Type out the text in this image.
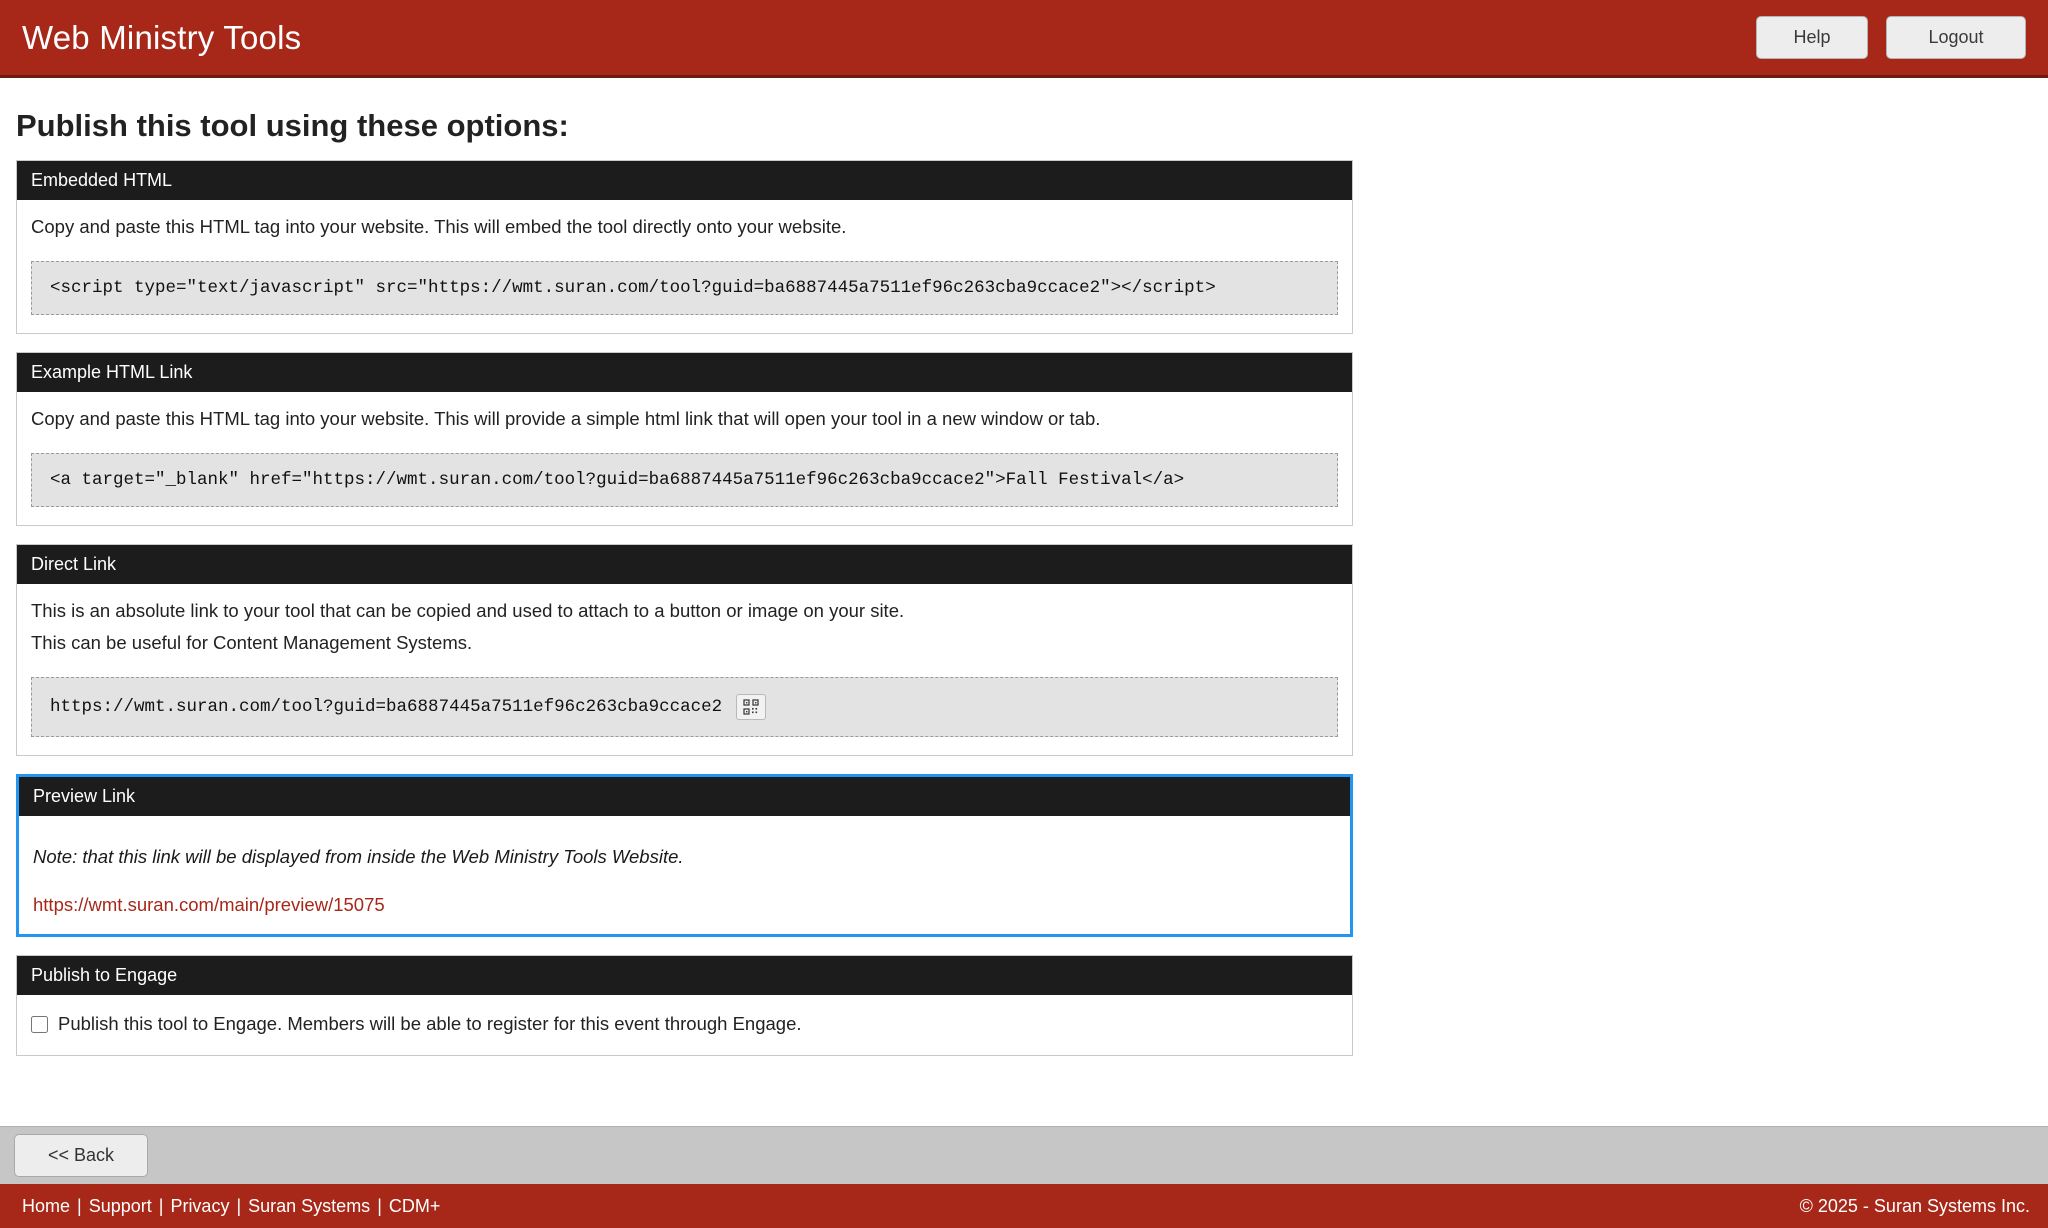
Web Ministry Tools	Help	Logout
Publish this tool using these options:
Embedded HTML

Copy and paste this HTML tag into your website. This will embed the tool directly onto your website.

<script type="text/javascript" src="https://wmt.suran.com/tool?guid=ba6887445a7511ef96c263cba9ccace2"></script>
Example HTML Link

Copy and paste this HTML tag into your website. This will provide a simple html link that will open your tool in a new window or tab.

<a target="_blank" href="https://wmt.suran.com/tool?guid=ba6887445a7511ef96c263cba9ccace2">Fall Festival</a>
Direct Link

This is an absolute link to your tool that can be copied and used to attach to a button or image on your site.

This can be useful for Content Management Systems.

https://wmt.suran.com/tool?guid=ba6887445a7511ef96c263cba9ccace2
Preview Link
Note: that this link will be displayed from inside the Web Ministry Tools Website.
https://wmt.suran.com/main/preview/15075
Publish to Engage
Publish this tool to Engage. Members will be able to register for this event through Engage.
<< Back
Home | Support | Privacy | Suran Systems | CDM+	© 2025 - Suran Systems Inc.
